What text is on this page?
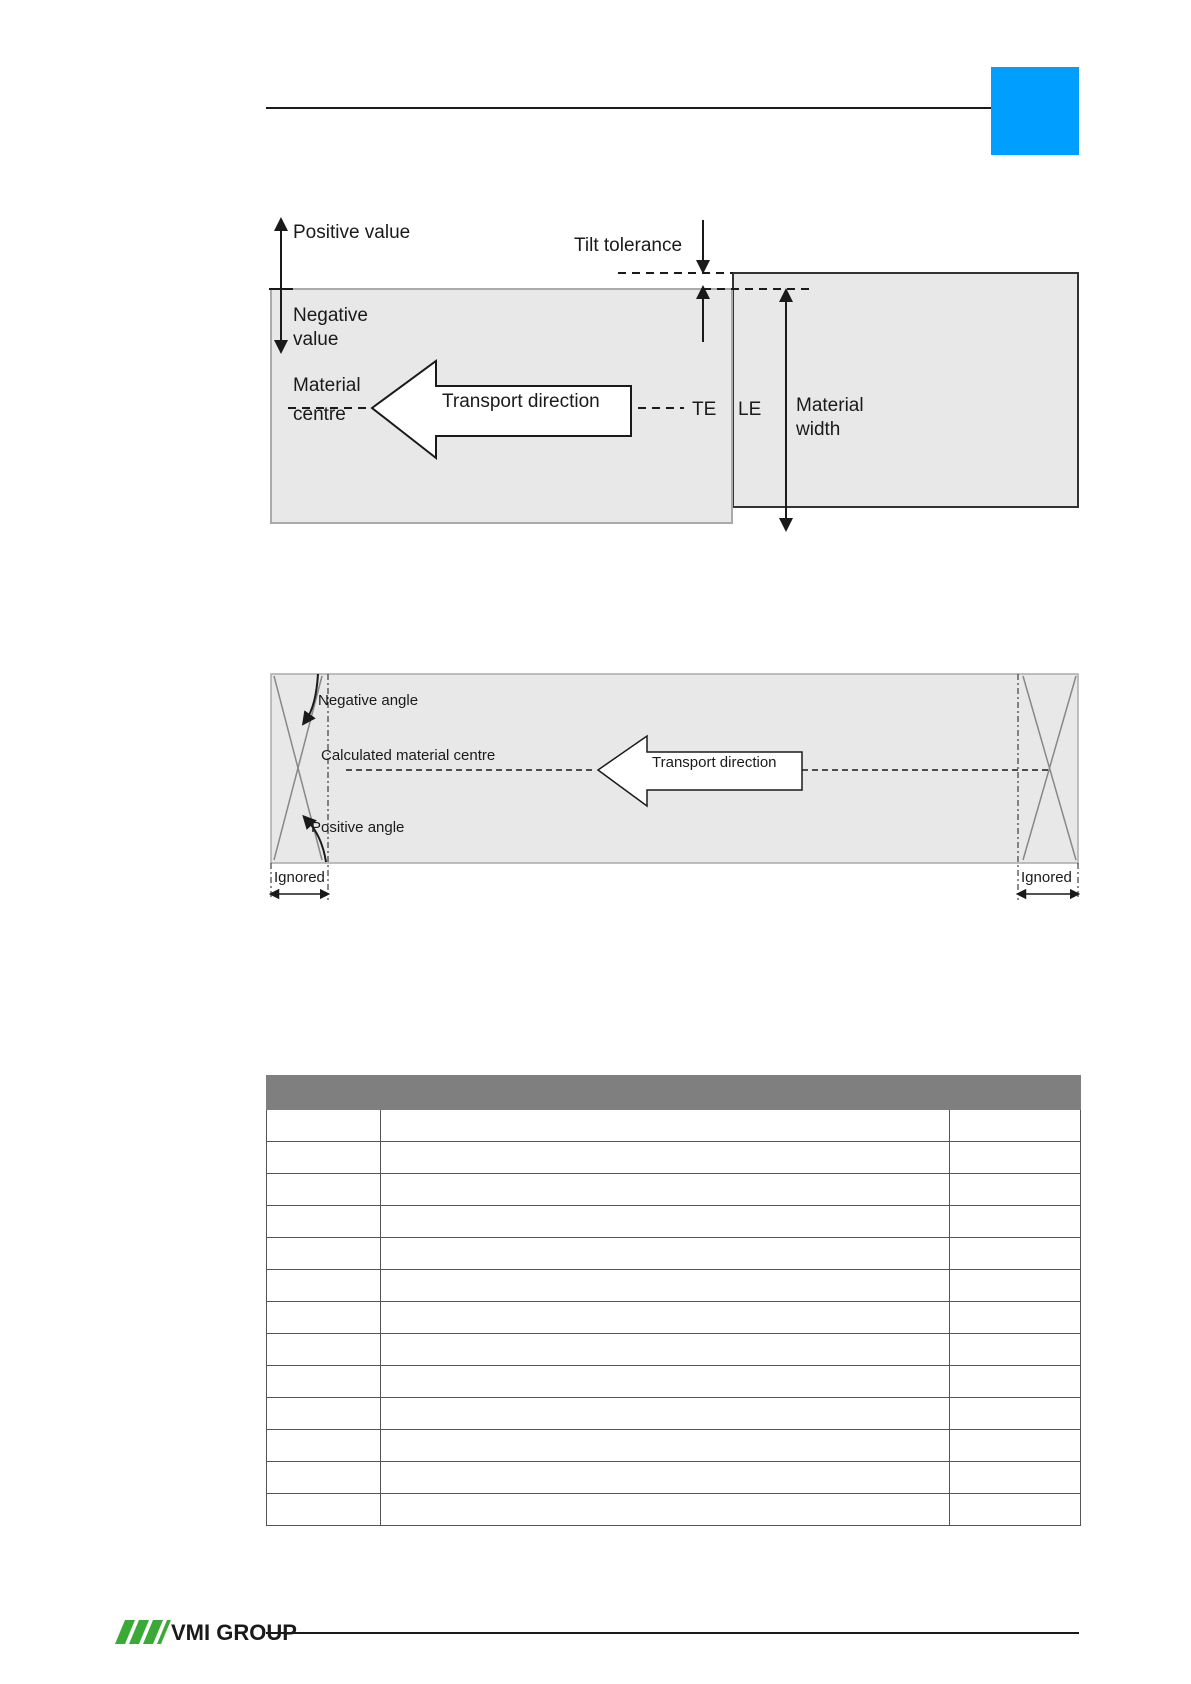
Positive value
Negative
value
Tilt tolerance
Material
width
Material
centre
Transport direction	TE LE
Ignored	Ignored
Negative angle
Positive angle
Calculated material centre	Transport direction

VMI GROUP
